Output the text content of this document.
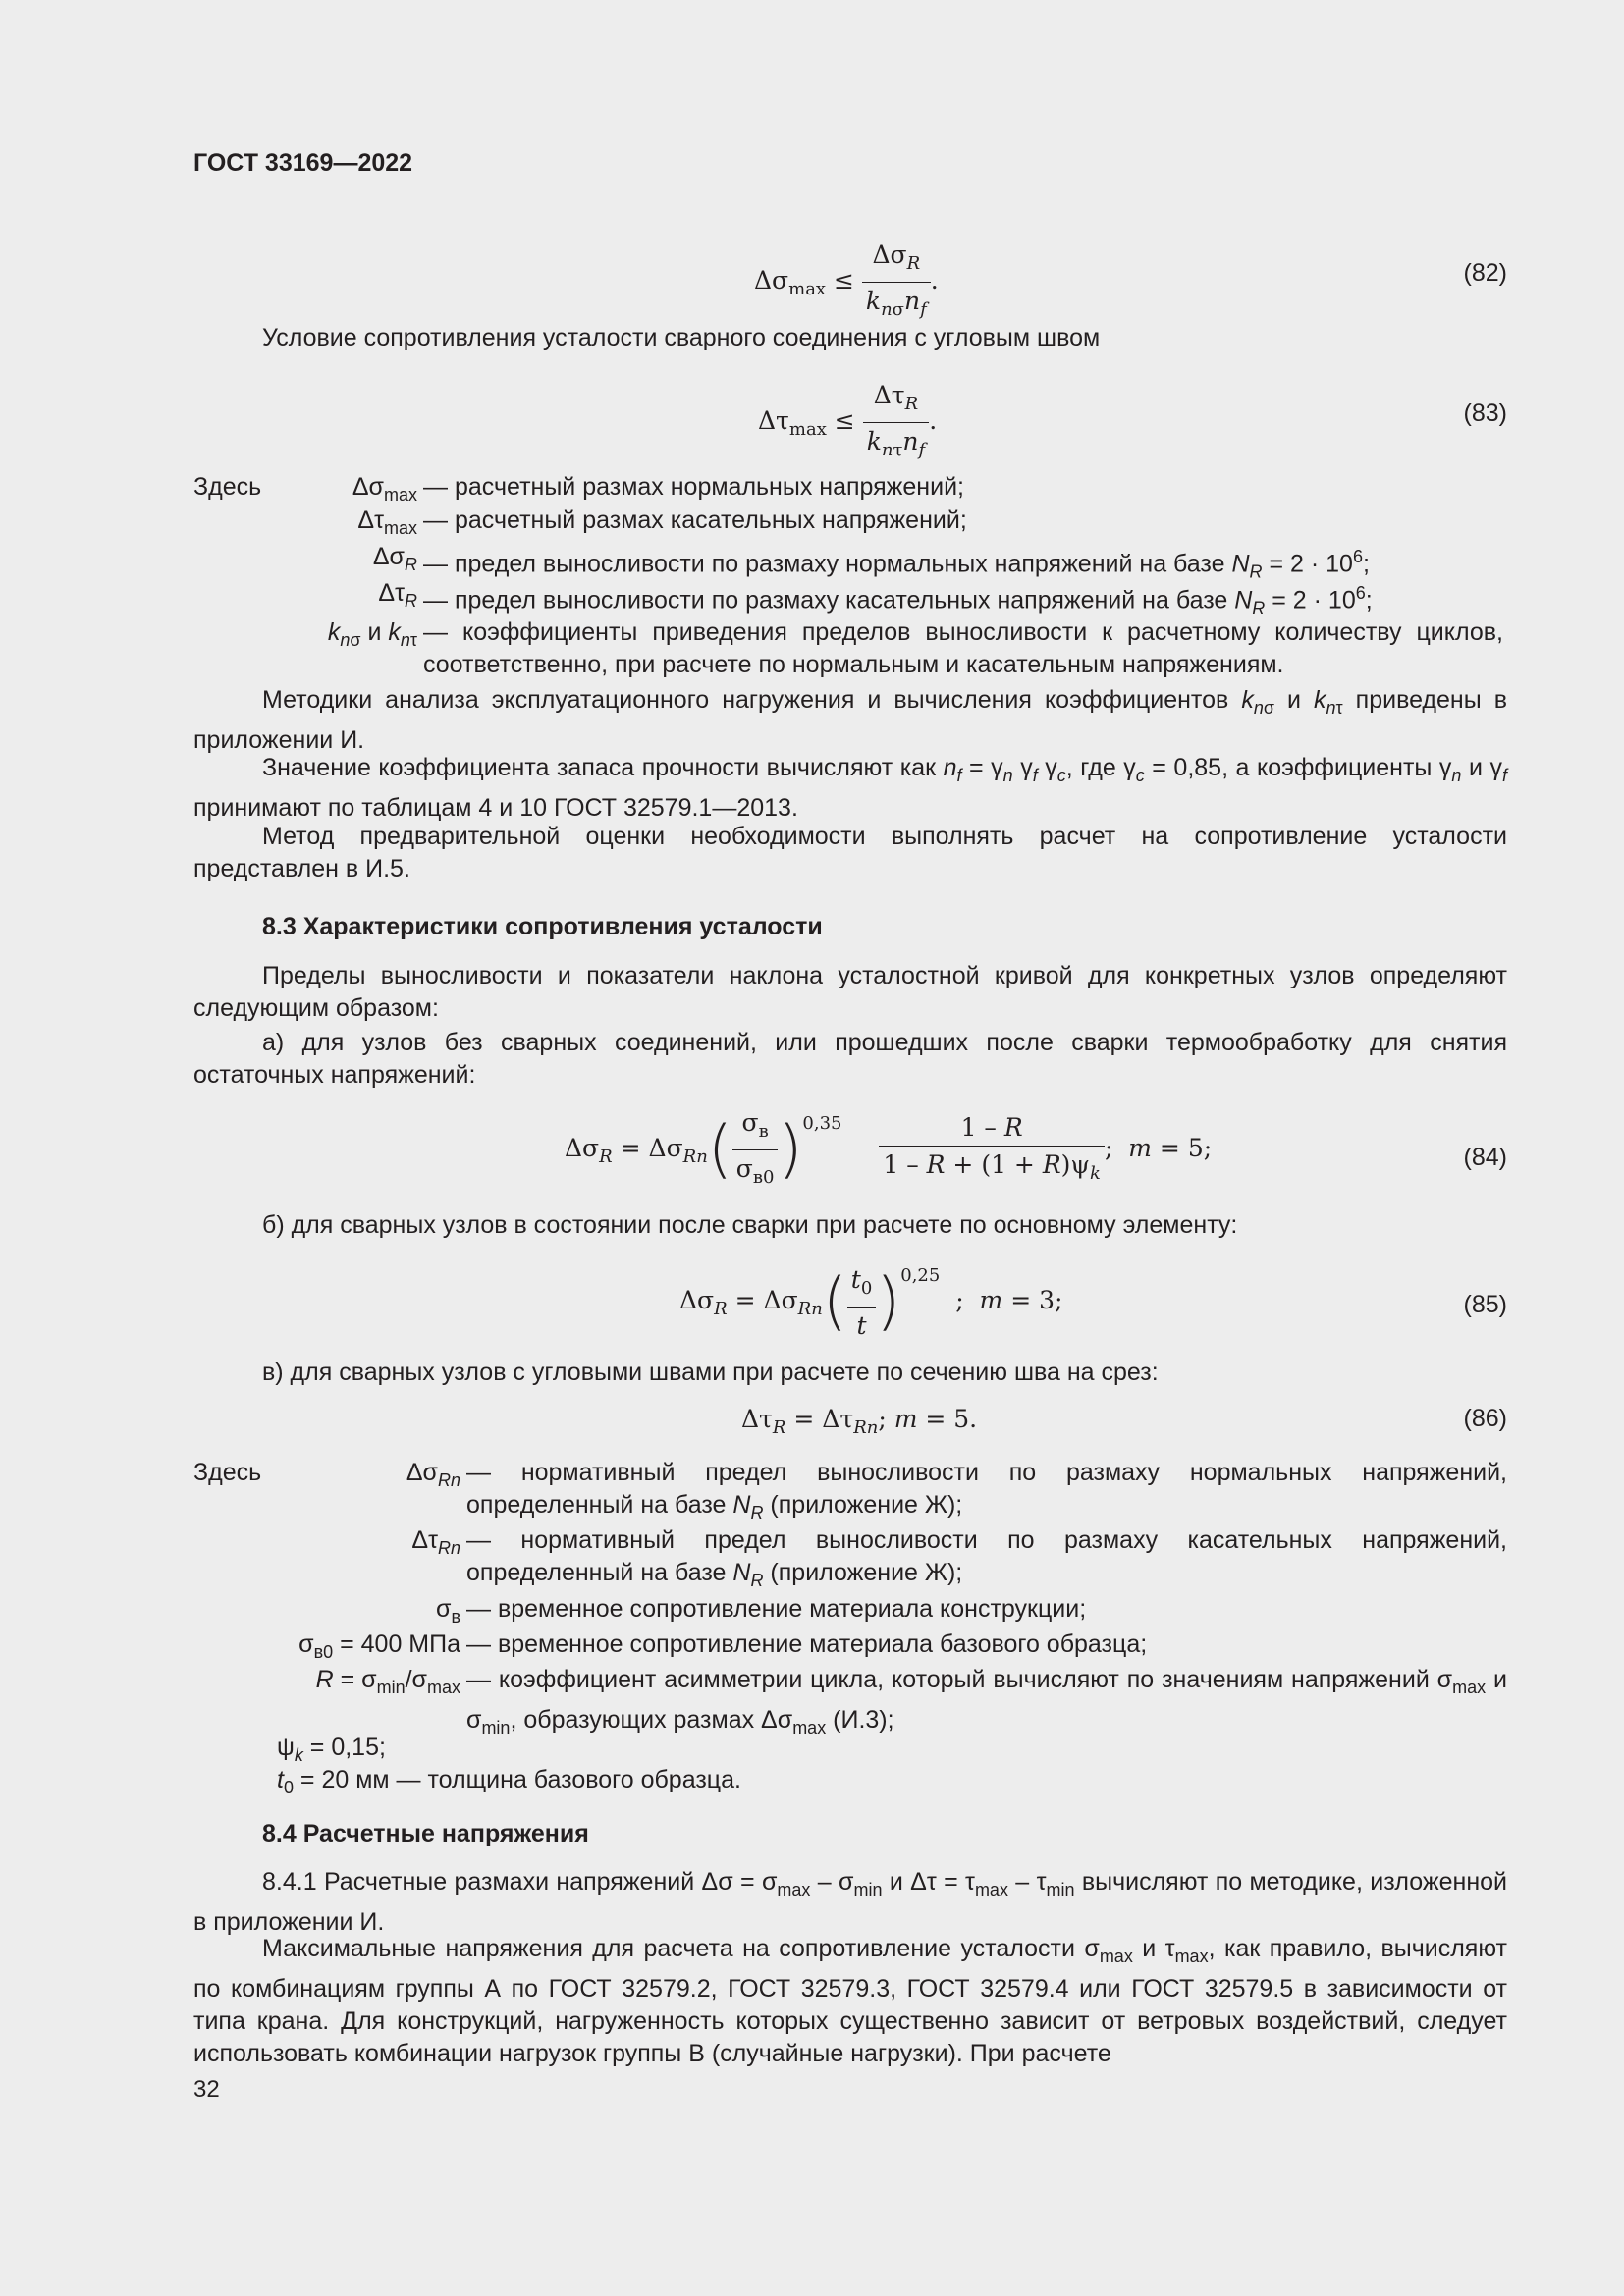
ГОСТ 33169—2022
$\Delta\sigma_{max} \le \frac{\Delta\sigma_R}{k_{n\sigma}n_f}$ .	(82)
Условие сопротивления усталости сварного соединения с угловым швом
$\Delta\tau_{max} \le \frac{\Delta\tau_R}{k_{n\tau}n_f}$ .	(83)
Здесь	$\Delta\sigma_{max}$ — расчетный размах нормальных напряжений;
$\Delta\tau_{max}$ — расчетный размах касательных напряжений;
$\Delta\sigma_R$ — предел выносливости по размаху нормальных напряжений на базе $N_R = 2 \cdot 10^6$;
$\Delta\tau_R$ — предел выносливости по размаху касательных напряжений на базе $N_R = 2 \cdot 10^6$;
$k_{n\sigma}$ и $k_{n\tau}$ — коэффициенты приведения пределов выносливости к расчетному количеству циклов, соответственно, при расчете по нормальным и касательным напряжениям.
Методики анализа эксплуатационного нагружения и вычисления коэффициентов $k_{n\sigma}$ и $k_{n\tau}$ приведены в приложении И.
Значение коэффициента запаса прочности вычисляют как $n_f = \gamma_n$ $\gamma_f$ $\gamma_c$, где $\gamma_c = 0,85$, а коэффициенты $\gamma_n$ и $\gamma_f$ принимают по таблицам 4 и 10 ГОСТ 32579.1—2013.
Метод предварительной оценки необходимости выполнять расчет на сопротивление усталости представлен в И.5.
8.3 Характеристики сопротивления усталости
Пределы выносливости и показатели наклона усталостной кривой для конкретных узлов определяют следующим образом:
а) для узлов без сварных соединений, или прошедших после сварки термообработку для снятия остаточных напряжений:
$\Delta\sigma_R = \Delta\sigma_{Rn}( \frac{\sigma_в}{\sigma_{в0}} )^{0,35} \frac{1 - R}{1 - R + (1 + R)\psi_k}$ ;  m = 5;	(84)
б) для сварных узлов в состоянии после сварки при расчете по основному элементу:
$\Delta\sigma_R = \Delta\sigma_{Rn}( \frac{t_0}{t} )^{0,25}$  ;  m = 3;	(85)
в) для сварных узлов с угловыми швами при расчете по сечению шва на срез:
$\Delta\tau_R = \Delta\tau_{Rn}$; m = 5.	(86)
Здесь	$\Delta\sigma_{Rn}$ — нормативный предел выносливости по размаху нормальных напряжений, определенный на базе $N_R$ (приложение Ж);
$\Delta\tau_{Rn}$ — нормативный предел выносливости по размаху касательных напряжений, определенный на базе $N_R$ (приложение Ж);
$\sigma_в$ — временное сопротивление материала конструкции;
$\sigma_{в0} = 400$ МПа — временное сопротивление материала базового образца;
$R = \sigma_{min}/\sigma_{max}$ — коэффициент асимметрии цикла, который вычисляют по значениям напряжений $\sigma_{max}$ и $\sigma_{min}$, образующих размах $\Delta\sigma_{max}$ (И.3);
$\psi_k = 0,15$;
$t_0 = 20$ мм — толщина базового образца.
8.4 Расчетные напряжения
8.4.1 Расчетные размахи напряжений $\Delta\sigma = \sigma_{max} - \sigma_{min}$ и $\Delta\tau = \tau_{max} - \tau_{min}$ вычисляют по методике, изложенной в приложении И.
Максимальные напряжения для расчета на сопротивление усталости $\sigma_{max}$ и $\tau_{max}$, как правило, вычисляют по комбинациям группы А по ГОСТ 32579.2, ГОСТ 32579.3, ГОСТ 32579.4 или ГОСТ 32579.5 в зависимости от типа крана. Для конструкций, нагруженность которых существенно зависит от ветровых воздействий, следует использовать комбинации нагрузок группы В (случайные нагрузки). При расчете
32
